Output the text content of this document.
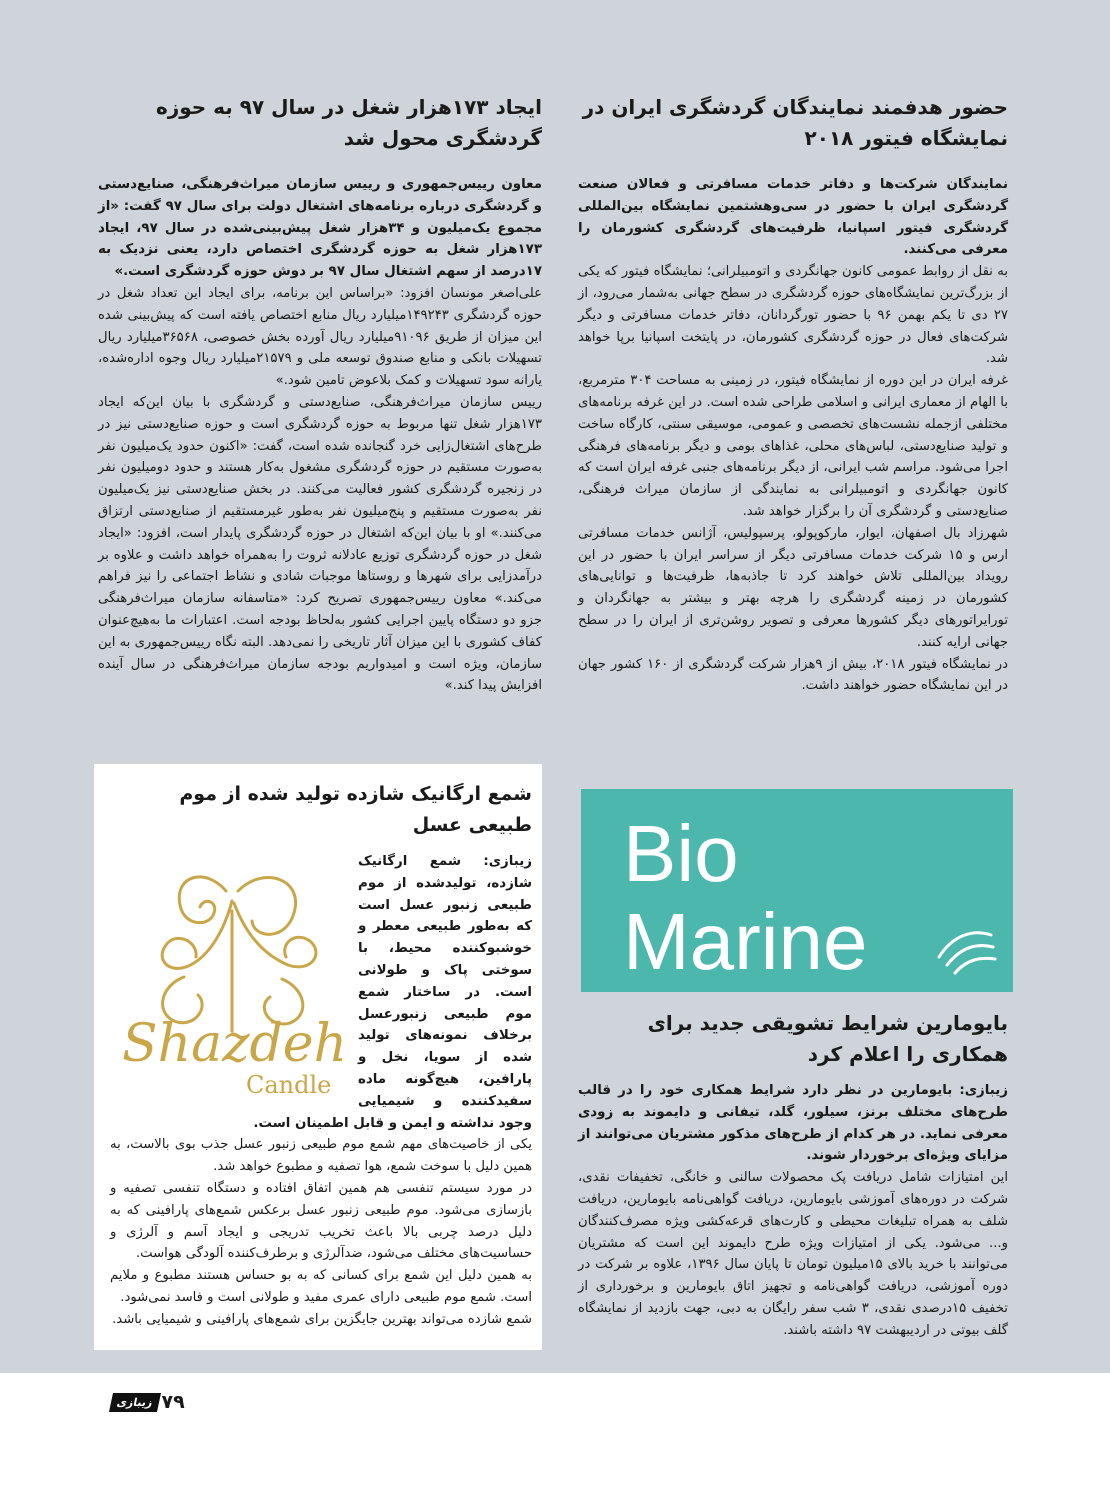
حضور هدفمند نمایندگان گردشگری ایران در نمایشگاه فیتور ۲۰۱۸

نمایندگان شرکت‌ها و دفاتر خدمات مسافرتی و فعالان صنعت گردشگری ایران با حضور در سی‌وهشتمین نمایشگاه بین‌المللی گردشگری فیتور اسپانیا، ظرفیت‌های گردشگری کشورمان را معرفی می‌کنند.

به نقل از روابط عمومی کانون جهانگردی و اتومبیلرانی؛ نمایشگاه فیتور که یکی از بزرگ‌ترین نمایشگاه‌های حوزه گردشگری در سطح جهانی به‌شمار می‌رود، از ۲۷ دی تا یکم بهمن ۹۶ با حضور تورگردانان، دفاتر خدمات مسافرتی و دیگر شرکت‌های فعال در حوزه گردشگری کشورمان، در پایتخت اسپانیا برپا خواهد شد.

غرفه ایران در این دوره از نمایشگاه فیتور، در زمینی به مساحت ۳۰۴ مترمربع، با الهام از معماری ایرانی و اسلامی طراحی شده است. در این غرفه برنامه‌های مختلفی ازجمله نشست‌های تخصصی و عمومی، موسیقی سنتی، کارگاه ساخت و تولید صنایع‌دستی، لباس‌های محلی، غذاهای بومی و دیگر برنامه‌های فرهنگی اجرا می‌شود. مراسم شب ایرانی، از دیگر برنامه‌های جنبی غرفه ایران است که کانون جهانگردی و اتومبیلرانی به نمایندگی از سازمان میراث فرهنگی، صنایع‌دستی و گردشگری آن را برگزار خواهد شد.

شهرزاد بال اصفهان، ایوار، مارکوپولو، پرسپولیس، آژانس خدمات مسافرتی ارس و ۱۵ شرکت خدمات مسافرتی دیگر از سراسر ایران با حضور در این رویداد بین‌المللی تلاش خواهند کرد تا جاذبه‌ها، ظرفیت‌ها و توانایی‌های کشورمان در زمینه گردشگری را هرچه بهتر و بیشتر به جهانگردان و تورایراتورهای دیگر کشورها معرفی و تصویر روشن‌تری از ایران را در سطح جهانی ارایه کنند.

در نمایشگاه فیتور ۲۰۱۸، بیش از ۹هزار شرکت گردشگری از ۱۶۰ کشور جهان در این نمایشگاه حضور خواهند داشت.

ایجاد ۱۷۳هزار شغل در سال ۹۷ به حوزه گردشگری محول شد

معاون رییس‌جمهوری و رییس سازمان میراث‌فرهنگی، صنایع‌دستی و گردشگری درباره برنامه‌های اشتغال دولت برای سال ۹۷ گفت: «از مجموع یک‌میلیون و ۳۴هزار شغل پیش‌بینی‌شده در سال ۹۷، ایجاد ۱۷۳هزار شغل به حوزه گردشگری اختصاص دارد، یعنی نزدیک به ۱۷درصد از سهم اشتغال سال ۹۷ بر دوش حوزه گردشگری است.»

علی‌اصغر مونسان افزود: «براساس این برنامه، برای ایجاد این تعداد شغل در حوزه گردشگری ۱۴۹۲۴۳میلیارد ریال منابع اختصاص یافته است که پیش‌بینی شده این میزان از طریق ۹۱۰۹۶میلیارد ریال آورده بخش خصوصی، ۳۶۵۶۸میلیارد ریال تسهیلات بانکی و منابع صندوق توسعه ملی و ۲۱۵۷۹میلیارد ریال وجوه اداره‌شده، یارانه سود تسهیلات و کمک بلاعوض تامین شود.»

رییس سازمان میراث‌فرهنگی، صنایع‌دستی و گردشگری با بیان این‌که ایجاد ۱۷۳هزار شغل تنها مربوط به حوزه گردشگری است و حوزه صنایع‌دستی نیز در طرح‌های اشتغال‌زایی خرد گنجانده شده است، گفت: «اکنون حدود یک‌میلیون نفر به‌صورت مستقیم در حوزه گردشگری مشغول به‌کار هستند و حدود دومیلیون نفر در زنجیره گردشگری کشور فعالیت می‌کنند. در بخش صنایع‌دستی نیز یک‌میلیون نفر به‌صورت مستقیم و پنج‌میلیون نفر به‌طور غیرمستقیم از صنایع‌دستی ارتزاق می‌کنند.» او با بیان این‌که اشتغال در حوزه گردشگری پایدار است، افزود: «ایجاد شغل در حوزه گردشگری توزیع عادلانه ثروت را به‌همراه خواهد داشت و علاوه بر درآمدزایی برای شهرها و روستاها موجبات شادی و نشاط اجتماعی را نیز فراهم می‌کند.» معاون رییس‌جمهوری تصریح کرد: «متاسفانه سازمان میراث‌فرهنگی جزو دو دستگاه پایین اجرایی کشور به‌لحاظ بودجه است. اعتبارات ما به‌هیچ‌عنوان کفاف کشوری با این میزان آثار تاریخی را نمی‌دهد. البته نگاه رییس‌جمهوری به این سازمان، ویژه است و امیدواریم بودجه سازمان میراث‌فرهنگی در سال آینده افزایش پیدا کند.»

شمع ارگانیک شازده تولید شده از موم طبیعی عسل
Shazdeh
Candle

زیبازی: شمع ارگانیک شازده، تولیدشده از موم طبیعی زنبور عسل است که به‌طور طبیعی معطر و خوشبوکننده محیط، با سوختی پاک و طولانی است. در ساختار شمع موم طبیعی زنبورعسل برخلاف نمونه‌های تولید شده از سویا، نخل و پارافین، هیچ‌گونه ماده سفیدکننده و شیمیایی وجود نداشته و ایمن و قابل اطمینان است.

یکی از خاصیت‌های مهم شمع موم طبیعی زنبور عسل جذب بوی بالاست، به همین دلیل با سوخت شمع، هوا تصفیه و مطبوع خواهد شد.

در مورد سیستم تنفسی هم همین اتفاق افتاده و دستگاه تنفسی تصفیه و بازسازی می‌شود. موم طبیعی زنبور عسل برعکس شمع‌های پارافینی که به دلیل درصد چربی بالا باعث تخریب تدریجی و ایجاد آسم و آلرژی و حساسیت‌های مختلف می‌شود، ضدآلرژی و برطرف‌کننده آلودگی هواست.

به همین دلیل این شمع برای کسانی که به بو حساس هستند مطبوع و ملایم است. شمع موم طبیعی دارای عمری مفید و طولانی است و فاسد نمی‌شود.

شمع شازده می‌تواند بهترین جایگزین برای شمع‌های پارافینی و شیمیایی باشد.

Bio
Marine
بایومارین شرایط تشویقی جدید برای همکاری را اعلام کرد

زیبازی: بایومارین در نظر دارد شرایط همکاری خود را در قالب طرح‌های مختلف برنز، سیلور، گلد، تیفانی و دایموند به زودی معرفی نماید. در هر کدام از طرح‌های مذکور مشتریان می‌توانند از مزایای ویژه‌ای برخوردار شوند.

این امتیازات شامل دریافت پک محصولات سالنی و خانگی، تخفیفات نقدی، شرکت در دوره‌های آموزشی بایومارین، دریافت گواهی‌نامه بایومارین، دریافت شلف به همراه تبلیغات محیطی و کارت‌های قرعه‌کشی ویژه مصرف‌کنندگان و... می‌شود. یکی از امتیازات ویژه طرح دایموند این است که مشتریان می‌توانند با خرید بالای ۱۵میلیون تومان تا پایان سال ۱۳۹۶، علاوه بر شرکت در دوره آموزشی، دریافت گواهی‌نامه و تجهیز اتاق بایومارین و برخورداری از تخفیف ۱۵درصدی نقدی، ۳ شب سفر رایگان به دبی، جهت بازدید از نمایشگاه گلف بیوتی در اردیبهشت ۹۷ داشته باشند.

زیبازی ۷۹
